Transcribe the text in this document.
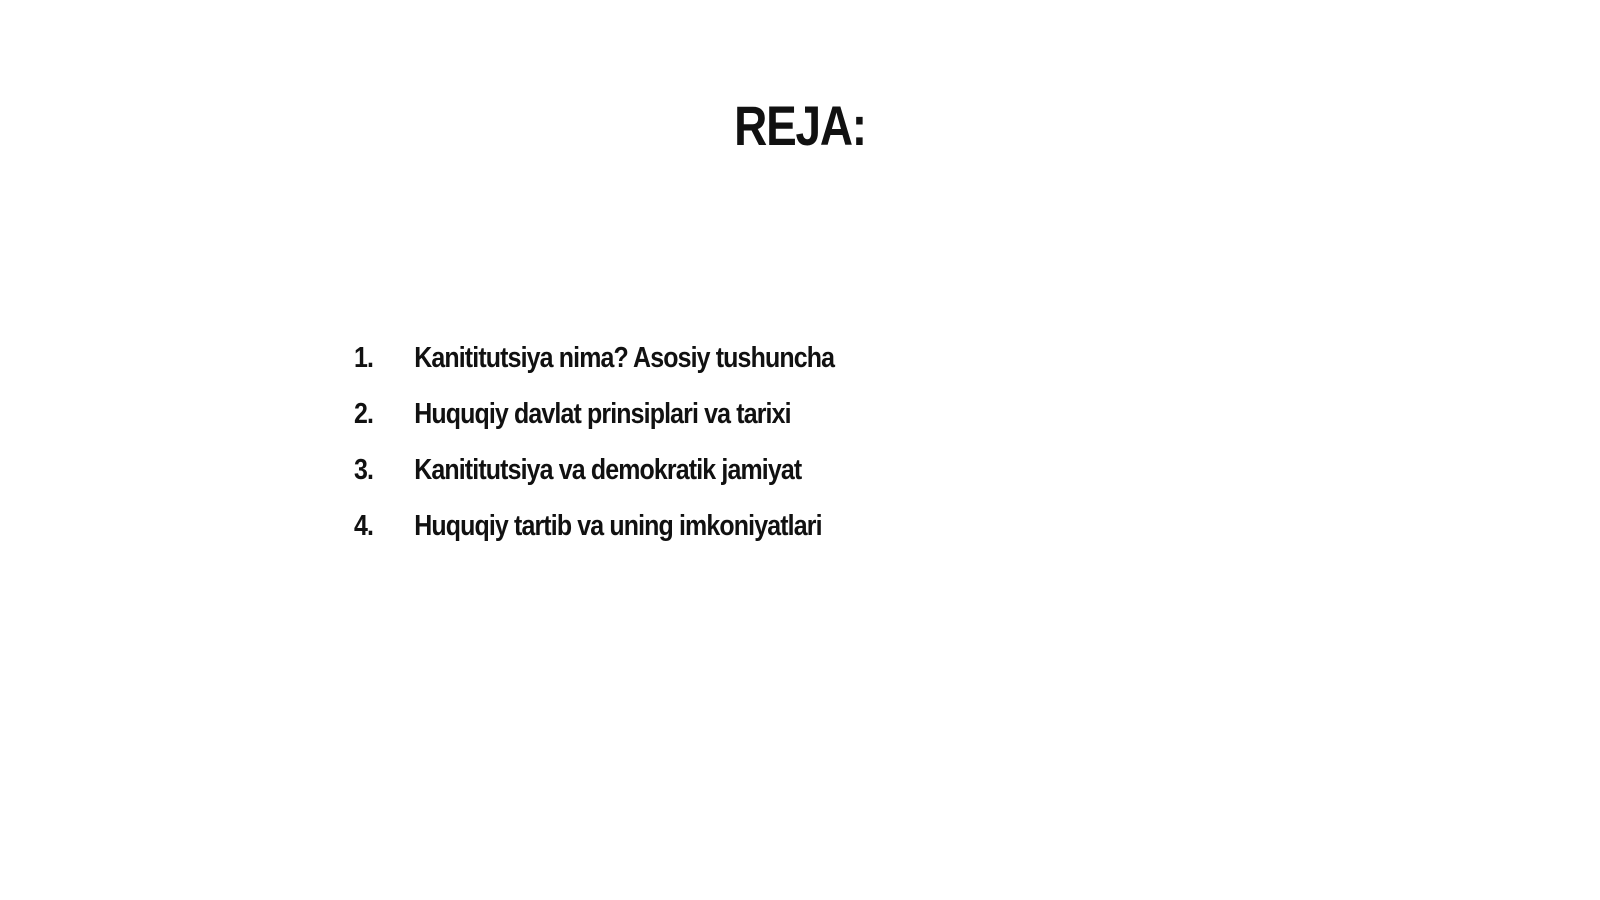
REJA:
1.	Kanititutsiya nima? Asosiy tushuncha
2.	Huquqiy davlat prinsiplari va tarixi
3.	Kanititutsiya va demokratik jamiyat
4.	Huquqiy tartib va uning imkoniyatlari
